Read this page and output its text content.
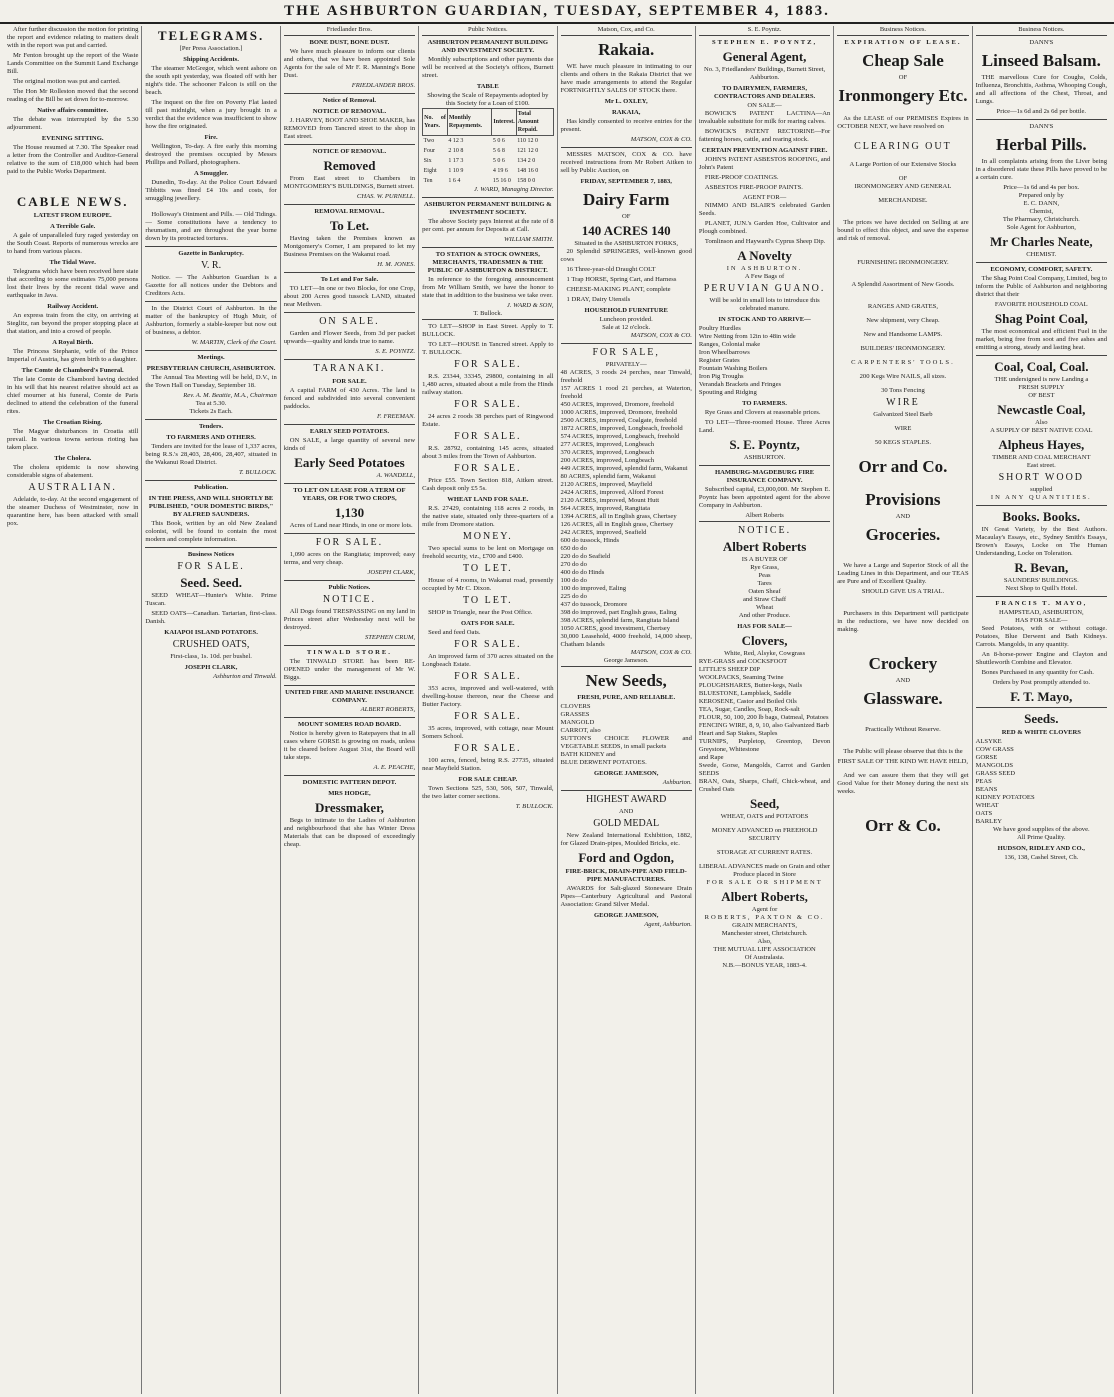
THE ASHBURTON GUARDIAN, TUESDAY, SEPTEMBER 4, 1883.

After further discussion the motion for printing the report and evidence relating to matters dealt with in the report was put and carried.

Mr Fenton brought up the report of the Waste Lands Committee on the Summit Land Exchange Bill.

The original motion was put and carried.

The Hon Mr Rolleston moved that the second reading of the Bill be set down for to-morrow.

Native affairs committee.

The debate was interrupted by the 5.30 adjournment.

EVENING SITTING.

The House resumed at 7.30. The Speaker read a letter from the Controller and Auditor-General relative to the sum of £18,000 which had been paid to the Public Works Department.

CABLE NEWS.
LATEST FROM EUROPE.
A Terrible Gale.

A gale of unparalleled fury raged yesterday on the South Coast. Reports of numerous wrecks are to hand from various places.

The Tidal Wave.

Telegrams which have been received here state that according to some estimates 75,000 persons lost their lives by the recent tidal wave and earthquake in Java.

Railway Accident.

An express train from the city, on arriving at Steglitz, ran beyond the proper stopping place at that station, and into a crowd of people.

A Royal Birth.

The Princess Stephanie, wife of the Prince Imperial of Austria, has given birth to a daughter.

The Comte de Chambord's Funeral.

The late Comte de Chambord having decided in his will that his nearest relative should act as chief mourner at his funeral, Comte de Paris declined to attend the celebration of the funeral rites.

The Croatian Rising.

The Magyar disturbances in Croatia still prevail. In various towns serious rioting has taken place.

The Cholera.

The cholera epidemic is now showing considerable signs of abatement.

AUSTRALIAN.

Adelaide, to-day. At the second engagement of the steamer Duchess of Westminster, now in quarantine here, has been attacked with small pox.

TELEGRAMS.
[Per Press Association.]
Shipping Accidents.

The steamer McGregor, which went ashore on the south spit yesterday, was floated off with her night's tide. The schooner Falcon is still on the beach.

The inquest on the fire on Poverty Flat lasted till past midnight, when a jury brought in a verdict that the evidence was insufficient to show how the fire originated.

Fire.

Wellington, To-day. A fire early this morning destroyed the premises occupied by Messrs Phillips and Pollard, photographers.

A Smuggler.

Dunedin, To-day. At the Police Court Edward Tibbitts was fined £4 10s and costs, for smuggling jewellery.

Holloway's Ointment and Pills. — Old Tidings. — Some constitutions have a tendency to rheumatism, and are throughout the year borne down by its protracted tortures.

Gazette in Bankruptcy.
V. R.

Notice. — The Ashburton Guardian is a Gazette for all notices under the Debtors and Creditors Acts.

In the District Court of Ashburton. In the matter of the bankruptcy of Hugh Muir, of Ashburton, formerly a stable-keeper but now out of business, a debtor.

W. MARTIN, Clerk of the Court.
Meetings.
PRESBYTERIAN CHURCH, ASHBURTON.

The Annual Tea Meeting will be held, D.V., in the Town Hall on Tuesday, September 18.

Rev. A. M. Beattie, M.A., Chairman
Tea at 5.30.
Tickets 2s Each.
Tenders.
TO FARMERS AND OTHERS.

Tenders are invited for the lease of 1,337 acres, being R.S.'s 28,403, 28,406, 28,407, situated in the Wakanui Road District.

T. BULLOCK.
Publication.
IN THE PRESS, AND WILL SHORTLY BE PUBLISHED, "OUR DOMESTIC BIRDS," BY ALFRED SAUNDERS.

This Book, written by an old New Zealand colonist, will be found to contain the most modern and complete information.

Business Notices
FOR SALE.
Seed. Seed.

SEED WHEAT—Hunter's White. Prime Tuscan.

SEED OATS—Canadian. Tartarian, first-class. Danish.

KAIAPOI ISLAND POTATOES.
CRUSHED OATS,
First-class, 1s. 10d. per bushel.
JOSEPH CLARK,
Ashburton and Tinwald.
Friedlander Bros.
BONE DUST, BONE DUST.

We have much pleasure to inform our clients and others, that we have been appointed Sole Agents for the sale of Mr F. R. Manning's Bone Dust.

FRIEDLANDER BROS.
Notice of Removal.
NOTICE OF REMOVAL.

J. HARVEY, BOOT AND SHOE MAKER, has REMOVED from Tancred street to the shop in East street.

NOTICE OF REMOVAL.
Removed

From East street to Chambers in MONTGOMERY'S BUILDINGS, Burnett street.

CHAS. W. PURNELL.
REMOVAL REMOVAL.
To Let.

Having taken the Premises known as Montgomery's Corner, I am prepared to let my Business Premises on the Wakanui road.

H. M. JONES.
To Let and For Sale.

TO LET—In one or two Blocks, for one Crop, about 200 Acres good tussock LAND, situated near Methven.

ON SALE.

Garden and Flower Seeds, from 3d per packet upwards—quality and kinds true to name.

S. E. POYNTZ.
TARANAKI.
FOR SALE.

A capital FARM of 430 Acres. The land is fenced and subdivided into several convenient paddocks.

F. FREEMAN.
EARLY SEED POTATOES.

ON SALE, a large quantity of several new kinds of

Early Seed Potatoes
A. WANDELL,
TO LET ON LEASE FOR A TERM OF YEARS, OR FOR TWO CROPS,
1,130

Acres of Land near Hinds, in one or more lots.

FOR SALE.

1,090 acres on the Rangitata; improved; easy terms, and very cheap.

JOSEPH CLARK,
Public Notices.
NOTICE.

All Dogs found TRESPASSING on my land in Princes street after Wednesday next will be destroyed.

STEPHEN CRUM,
TINWALD STORE.

The TINWALD STORE has been RE-OPENED under the management of Mr W. Biggs.

UNITED FIRE AND MARINE INSURANCE COMPANY.
ALBERT ROBERTS,
MOUNT SOMERS ROAD BOARD.

Notice is hereby given to Ratepayers that in all cases where GORSE is growing on roads, unless it be cleared before August 31st, the Board will take steps.

A. E. PEACHE,
DOMESTIC PATTERN DEPOT.
MRS HODGE,
Dressmaker,

Begs to intimate to the Ladies of Ashburton and neighbourhood that she has Winter Dress Materials that can be disposed of exceedingly cheap.

Public Notices.
ASHBURTON PERMANENT BUILDING AND INVESTMENT SOCIETY.

Monthly subscriptions and other payments due will be received at the Society's offices, Burnett street.

TABLE
Showing the Scale of Repayments adopted by this Society for a Loan of £100.
No. of Years.	Monthly Repayments.	Interest.	Total Amount Repaid.
Two	4 12 3	5 0 6	110 12 0
Four	2 10 8	5 6 8	121 12 0
Six	1 17 3	5 0 6	134 2 0
Eight	1 10 9	4 19 6	148 16 0
Ten	1 6 4	15 16 0	158 0 0
J. WARD, Managing Director.
ASHBURTON PERMANENT BUILDING & INVESTMENT SOCIETY.

The above Society pays Interest at the rate of 8 per cent. per annum for Deposits at Call.

WILLIAM SMITH.
TO STATION & STOCK OWNERS, MERCHANTS, TRADESMEN & THE PUBLIC OF ASHBURTON & DISTRICT.

In reference to the foregoing announcement from Mr William Smith, we have the honor to state that in addition to the business we take over.

J. WARD & SON,
T. Bullock.

TO LET—SHOP in East Street. Apply to T. BULLOCK.

TO LET—HOUSE in Tancred street. Apply to T. BULLOCK.

FOR SALE.

R.S. 23344, 33345, 29800, containing in all 1,480 acres, situated about a mile from the Hinds railway station.

FOR SALE.

24 acres 2 roods 38 perches part of Ringwood Estate.

FOR SALE.

R.S. 28792, containing 145 acres, situated about 3 miles from the Town of Ashburton.

FOR SALE.

Price £55. Town Section 818, Aitken street. Cash deposit only £5 5s.

WHEAT LAND FOR SALE.

R.S. 27429, containing 118 acres 2 roods, in the native state, situated only three-quarters of a mile from Dromore station.

MONEY.

Two special sums to be lent on Mortgage on freehold security, viz., £700 and £400.

TO LET.

House of 4 rooms, in Wakanui road, presently occupied by Mr C. Dixon.

TO LET.

SHOP in Triangle, near the Post Office.

OATS FOR SALE.

Seed and feed Oats.

FOR SALE.

An improved farm of 370 acres situated on the Longbeach Estate.

FOR SALE.

353 acres, improved and well-watered, with dwelling-house thereon, near the Cheese and Butter Factory.

FOR SALE.

35 acres, improved, with cottage, near Mount Somers School.

FOR SALE.

100 acres, fenced, being R.S. 27735, situated near Mayfield Station.

FOR SALE CHEAP.

Town Sections 525, 530, 506, 507, Tinwald, the two latter corner sections.

T. BULLOCK.
Matson, Cox, and Co.
Rakaia.

WE have much pleasure in intimating to our clients and others in the Rakaia District that we have made arrangements to attend the Regular FORTNIGHTLY SALES OF STOCK there.

Mr L. OXLEY,
RAKAIA,

Has kindly consented to receive entries for the present.

MATSON, COX & CO.

MESSRS MATSON, COX & CO. have received instructions from Mr Robert Aitken to sell by Public Auction, on

FRIDAY, SEPTEMBER 7, 1883,
Dairy Farm
OF
140 ACRES 140
Situated in the ASHBURTON FORKS,

20 Splendid SPRINGERS, well-known good cows

16 Three-year-old Draught COLT

1 Trap HORSE, Spring Cart, and Harness

CHEESE-MAKING PLANT, complete

1 DRAY, Dairy Utensils

HOUSEHOLD FURNITURE
Luncheon provided.
Sale at 12 o'clock.
MATSON, COX & CO.
FOR SALE,
PRIVATELY—
48 ACRES, 3 roods 24 perches, near Tinwald, freehold
157 ACRES 1 rood 21 perches, at Waterton, freehold
450 ACRES, improved, Dromore, freehold
1000 ACRES, improved, Dromore, freehold
2500 ACRES, improved, Coalgate, freehold
1872 ACRES, improved, Longbeach, freehold
574 ACRES, improved, Longbeach, freehold
277 ACRES, improved, Longbeach
370 ACRES, improved, Longbeach
200 ACRES, improved, Longbeach
449 ACRES, improved, splendid farm, Wakanui
80 ACRES, splendid farm, Wakanui
2120 ACRES, improved, Mayfield
2424 ACRES, improved, Alford Forest
2120 ACRES, improved, Mount Hutt
564 ACRES, improved, Rangitata
1394 ACRES, all in English grass, Chertsey
126 ACRES, all in English grass, Chertsey
242 ACRES, improved, Seafield
600 do tussock, Hinds
650 do do
220 do do Seafield
270 do do
400 do do Hinds
100 do do
100 do improved, Ealing
225 do do
437 do tussock, Dromore
398 do improved, part English grass, Ealing
398 ACRES, splendid farm, Rangitata Island
1050 ACRES, good investment, Chertsey
30,000 Leasehold, 4000 freehold, 14,000 sheep, Chatham Islands
MATSON, COX & CO.
George Jameson.
New Seeds,
FRESH, PURE, AND RELIABLE.
CLOVERS
GRASSES
MANGOLD
CARROT, also
SUTTON'S CHOICE FLOWER and VEGETABLE SEEDS, in small packets
BATH KIDNEY and
BLUE DERWENT POTATOES.
GEORGE JAMESON,
Ashburton.
HIGHEST AWARD
AND
GOLD MEDAL

New Zealand International Exhibition, 1882, for Glazed Drain-pipes, Moulded Bricks, etc.

Ford and Ogdon,
FIRE-BRICK, DRAIN-PIPE AND FIELD-PIPE MANUFACTURERS.

AWARDS for Salt-glazed Stoneware Drain Pipes—Canterbury Agricultural and Pastoral Association: Grand Silver Medal.

GEORGE JAMESON,
Agent, Ashburton.
S. E. Poyntz.
STEPHEN E. POYNTZ,
General Agent,
No. 3, Friedlanders' Buildings, Burnett Street, Ashburton.
TO DAIRYMEN, FARMERS, CONTRACTORS AND DEALERS.
ON SALE—

BOWICK'S PATENT LACTINA—An invaluable substitute for milk for rearing calves.

BOWICK'S PATENT RECTORINE—For fattening horses, cattle, and rearing stock.

CERTAIN PREVENTION AGAINST FIRE.

JOHN'S PATENT ASBESTOS ROOFING, and John's Patent

FIRE-PROOF COATINGS.

ASBESTOS FIRE-PROOF PAINTS.

AGENT FOR—

NIMMO AND BLAIR'S celebrated Garden Seeds.

PLANET, JUN.'s Garden Hoe, Cultivator and Plough combined.

Tomlinson and Hayward's Cyprus Sheep Dip.

A Novelty
IN ASHBURTON.
A Few Bags of
PERUVIAN GUANO.
Will be sold in small lots to introduce this celebrated manure.
IN STOCK AND TO ARRIVE—
Poultry Hurdles
Wire Netting from 12in to 48in wide
Ranges, Colonial make
Iron Wheelbarrows
Register Grates
Fountain Washing Boilers
Iron Pig Troughs
Verandah Brackets and Fringes
Spouting and Ridging
TO FARMERS.

Rye Grass and Clovers at reasonable prices.

TO LET—Three-roomed House. Three Acres Land.

S. E. Poyntz,
ASHBURTON.
HAMBURG-MAGDEBURG FIRE INSURANCE COMPANY.

Subscribed capital, £3,000,000. Mr Stephen E. Poyntz has been appointed agent for the above Company in Ashburton.

Albert Roberts
NOTICE.
Albert Roberts
IS A BUYER OF
Rye Grass,
Peas
Tares
Oaten Sheaf
and Straw Chaff
Wheat
And other Produce.
HAS FOR SALE—
Clovers,
White, Red, Alsyke, Cowgrass
RYE-GRASS and COCKSFOOT
LITTLE'S SHEEP DIP
WOOLPACKS, Seaming Twine
PLOUGHSHARES, Butter-kegs, Nails
BLUESTONE, Lampblack, Saddle
KEROSENE, Castor and Boiled Oils
TEA, Sugar, Candles, Soap, Rock-salt
FLOUR, 50, 100, 200 lb bags, Oatmeal, Potatoes
FENCING WIRE, 8, 9, 10, also Galvanized Barb
Heart and Sap Stakes, Staples
TURNIPS, Purpletop, Greentop, Devon Greystone, Whitestone
and Rape
Swede, Gorse, Mangolds, Carrot and Garden SEEDS
BRAN, Oats, Sharps, Chaff, Chick-wheat, and Crushed Oats
Seed,
WHEAT, OATS and POTATOES
MONEY ADVANCED on FREEHOLD SECURITY
STORAGE AT CURRENT RATES.
LIBERAL ADVANCES made on Grain and other Produce placed in Store
FOR SALE OR SHIPMENT
Albert Roberts,
Agent for
ROBERTS, PAXTON & CO.
GRAIN MERCHANTS,
Manchester street, Christchurch.
Also,
THE MUTUAL LIFE ASSOCIATION
Of Australasia.
N.B.—BONUS YEAR, 1883-4.
Business Notices.
EXPIRATION OF LEASE.
Cheap Sale
OF
Ironmongery Etc.

As the LEASE of our PREMISES Expires in OCTOBER NEXT, we have resolved on

CLEARING OUT
A Large Portion of our Extensive Stocks
OF
IRONMONGERY AND GENERAL
MERCHANDISE.

The prices we have decided on Selling at are bound to effect this object, and save the expense and risk of removal.

FURNISHING IRONMONGERY.
A Splendid Assortment of New Goods.
RANGES AND GRATES,
New shipment, very Cheap.
New and Handsome LAMPS.
BUILDERS' IRONMONGERY.
CARPENTERS' TOOLS.
200 Kegs Wire NAILS, all sizes.
30 Tons Fencing
WIRE
Galvanized Steel Barb
WIRE
50 KEGS STAPLES.
Orr and Co.
Provisions
AND
Groceries.

We have a Large and Superior Stock of all the Leading Lines in this Department, and our TEAS are Pure and of Excellent Quality.

SHOULD GIVE US A TRIAL.

Purchasers in this Department will participate in the reductions, we have now decided on making.

Crockery
AND
Glassware.
Practically Without Reserve.

The Public will please observe that this is the

FIRST SALE OF THE KIND WE HAVE HELD,

And we can assure them that they will get Good Value for their Money during the next six weeks.

Orr & Co.
Business Notices.
DANN'S
Linseed Balsam.

THE marvellous Cure for Coughs, Colds, Influenza, Bronchitis, Asthma, Whooping Cough, and all affections of the Chest, Throat, and Lungs.

Price—1s 6d and 2s 6d per bottle.
DANN'S
Herbal Pills.

In all complaints arising from the Liver being in a disordered state these Pills have proved to be a certain cure.

Price—1s 6d and 4s per box.
Prepared only by
E. C. DANN,
Chemist,
The Pharmacy, Christchurch.
Sole Agent for Ashburton,
Mr Charles Neate,
CHEMIST.
ECONOMY, COMFORT, SAFETY.

The Shag Point Coal Company, Limited, beg to inform the Public of Ashburton and neighboring district that their

FAVORITE HOUSEHOLD COAL
Shag Point Coal,

The most economical and efficient Fuel in the market, being free from soot and five ashes and emitting a strong, steady and lasting heat.

Coal, Coal, Coal.
THE undersigned is now Landing a
FRESH SUPPLY
OF BEST
Newcastle Coal,
Also
A SUPPLY OF BEST NATIVE COAL
Alpheus Hayes,
TIMBER AND COAL MERCHANT
East street.
SHORT WOOD
supplied
IN ANY QUANTITIES.
Books. Books.

IN Great Variety, by the Best Authors. Macaulay's Essays, etc., Sydney Smith's Essays, Brown's Essays, Locke on The Human Understanding, Locke on Toleration.

R. Bevan,
SAUNDERS' BUILDINGS.
Next Shop to Quill's Hotel.
FRANCIS T. MAYO,
HAMPSTEAD, ASHBURTON,
HAS FOR SALE—

Seed Potatoes, with or without cottage. Potatoes, Blue Derwent and Bath Kidneys. Carrots. Mangolds, in any quantity.

An 8-horse-power Engine and Clayton and Shuttleworth Combine and Elevator.

Bones Purchased in any quantity for Cash.

Orders by Post promptly attended to.
F. T. Mayo,
Seeds.
RED & WHITE CLOVERS
ALSYKE
COW GRASS
GORSE
MANGOLDS
GRASS SEED
PEAS
BEANS
KIDNEY POTATOES
WHEAT
OATS
BARLEY
We have good supplies of the above.
All Prime Quality.
HUDSON, RIDLEY AND CO.,
136, 138, Cashel Street, Ch.
